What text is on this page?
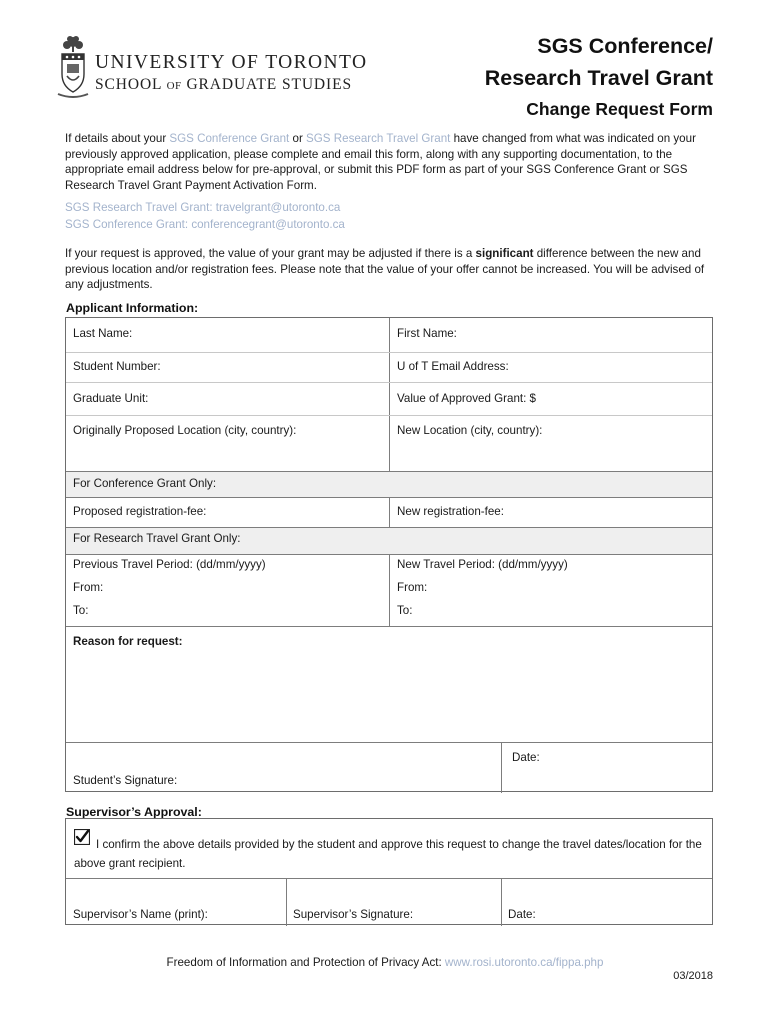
UNIVERSITY OF TORONTO
SCHOOL OF GRADUATE STUDIES
SGS Conference/
Research Travel Grant
Change Request Form
If details about your SGS Conference Grant or SGS Research Travel Grant have changed from what was indicated on your previously approved application, please complete and email this form, along with any supporting documentation, to the appropriate email address below for pre-approval, or submit this PDF form as part of your SGS Conference Grant or SGS Research Travel Grant Payment Activation Form.
SGS Research Travel Grant: travelgrant@utoronto.ca
SGS Conference Grant: conferencegrant@utoronto.ca
If your request is approved, the value of your grant may be adjusted if there is a significant difference between the new and previous location and/or registration fees. Please note that the value of your offer cannot be increased. You will be advised of any adjustments.
Applicant Information:
Last Name:	First Name:
Student Number:	U of T Email Address:
Graduate Unit:	Value of Approved Grant: $
Originally Proposed Location (city, country):	New Location (city, country):
For Conference Grant Only:
Proposed registration-fee:	New registration-fee:
For Research Travel Grant Only:
Previous Travel Period: (dd/mm/yyyy)	New Travel Period: (dd/mm/yyyy)
From:	From:
To:	To:
Reason for request:
Date:
Student’s Signature:
Supervisor’s Approval:
I confirm the above details provided by the student and approve this request to change the travel dates/location for the above grant recipient.
Supervisor’s Name (print):	Supervisor’s Signature:	Date:
Freedom of Information and Protection of Privacy Act: www.rosi.utoronto.ca/fippa.php
03/2018
